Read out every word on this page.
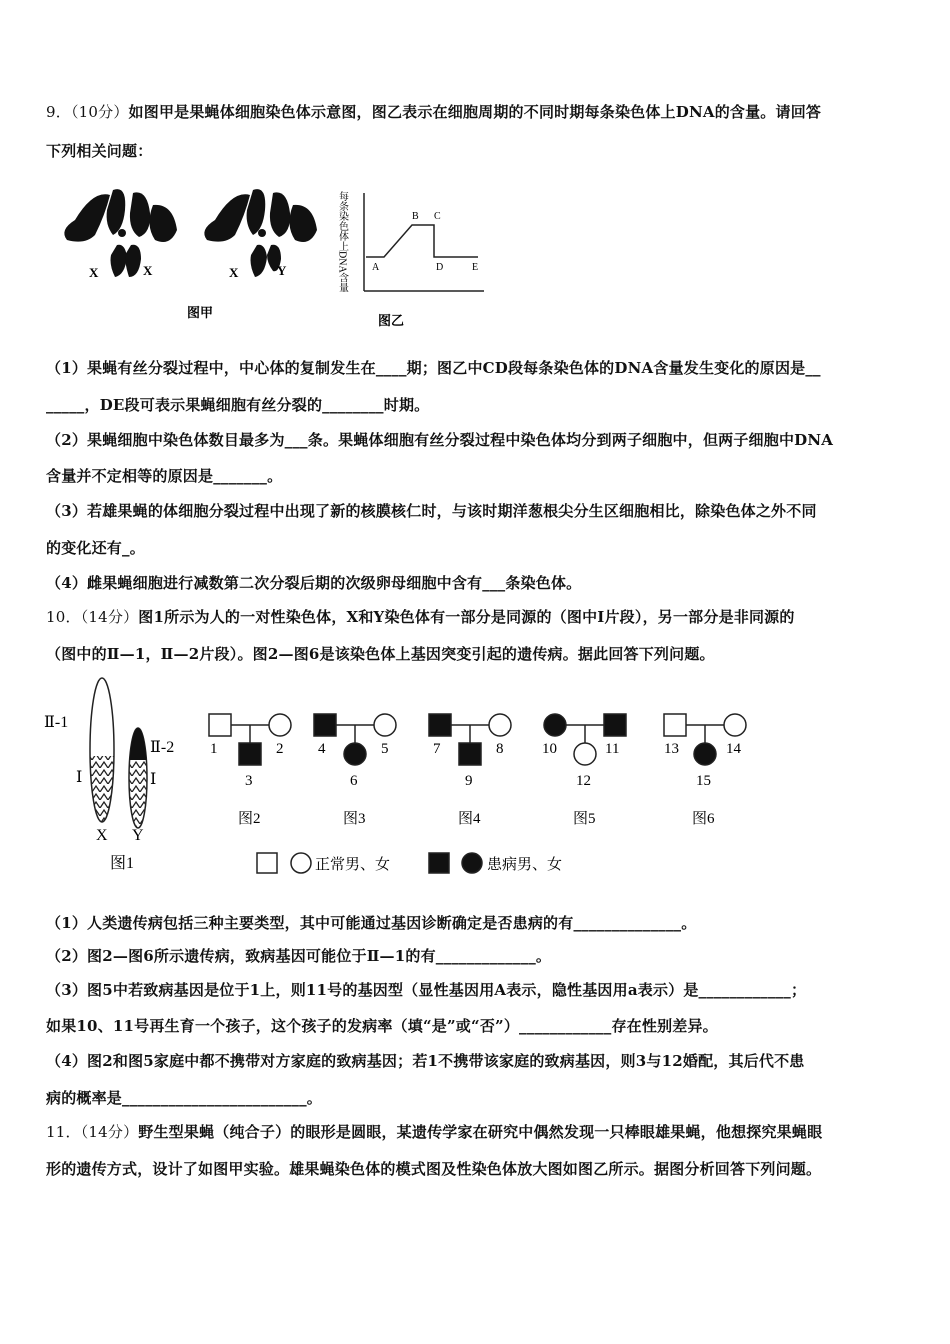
9．（10分）如图甲是果蝇体细胞染色体示意图，图乙表示在细胞周期的不同时期每条染色体上DNA的含量。请回答
下列相关问题：
X	X	X	Y
图甲
每条染色体上DNA含量 A
B C
D	E
图乙
（1）果蝇有丝分裂过程中，中心体的复制发生在____期；图乙中CD段每条染色体的DNA含量发生变化的原因是__
_____，DE段可表示果蝇细胞有丝分裂的________时期。
（2）果蝇细胞中染色体数目最多为___条。果蝇体细胞有丝分裂过程中染色体均分到两子细胞中，但两子细胞中DNA
含量并不定相等的原因是_______。
（3）若雄果蝇的体细胞分裂过程中出现了新的核膜核仁时，与该时期洋葱根尖分生区细胞相比，除染色体之外不同
的变化还有_。
（4）雌果蝇细胞进行减数第二次分裂后期的次级卵母细胞中含有___条染色体。
10．（14分）图1所示为人的一对性染色体，X和Y染色体有一部分是同源的（图中Ⅰ片段），另一部分是非同源的
（图中的Ⅱ—1，Ⅱ—2片段）。图2—图6是该染色体上基因突变引起的遗传病。据此回答下列问题。
Ⅱ-1
Ⅰ
Ⅱ-2
Ⅰ
X Y
图1
1	2
3
图2
4	5
6
图3
7	8
9
图4
10	11
12
图5
13	14
15
图6
正常男、女	患病男、女
（1）人类遗传病包括三种主要类型，其中可能通过基因诊断确定是否患病的有______________。
（2）图2—图6所示遗传病，致病基因可能位于Ⅱ—1的有_____________。
（3）图5中若致病基因是位于1上，则11号的基因型（显性基因用A表示，隐性基因用a表示）是____________；
如果10、11号再生育一个孩子，这个孩子的发病率（填“是”或“否”）____________存在性别差异。
（4）图2和图5家庭中都不携带对方家庭的致病基因；若1不携带该家庭的致病基因，则3与12婚配，其后代不患
病的概率是________________________。
11．（14分）野生型果蝇（纯合子）的眼形是圆眼，某遗传学家在研究中偶然发现一只棒眼雄果蝇，他想探究果蝇眼
形的遗传方式，设计了如图甲实验。雄果蝇染色体的模式图及性染色体放大图如图乙所示。据图分析回答下列问题。
